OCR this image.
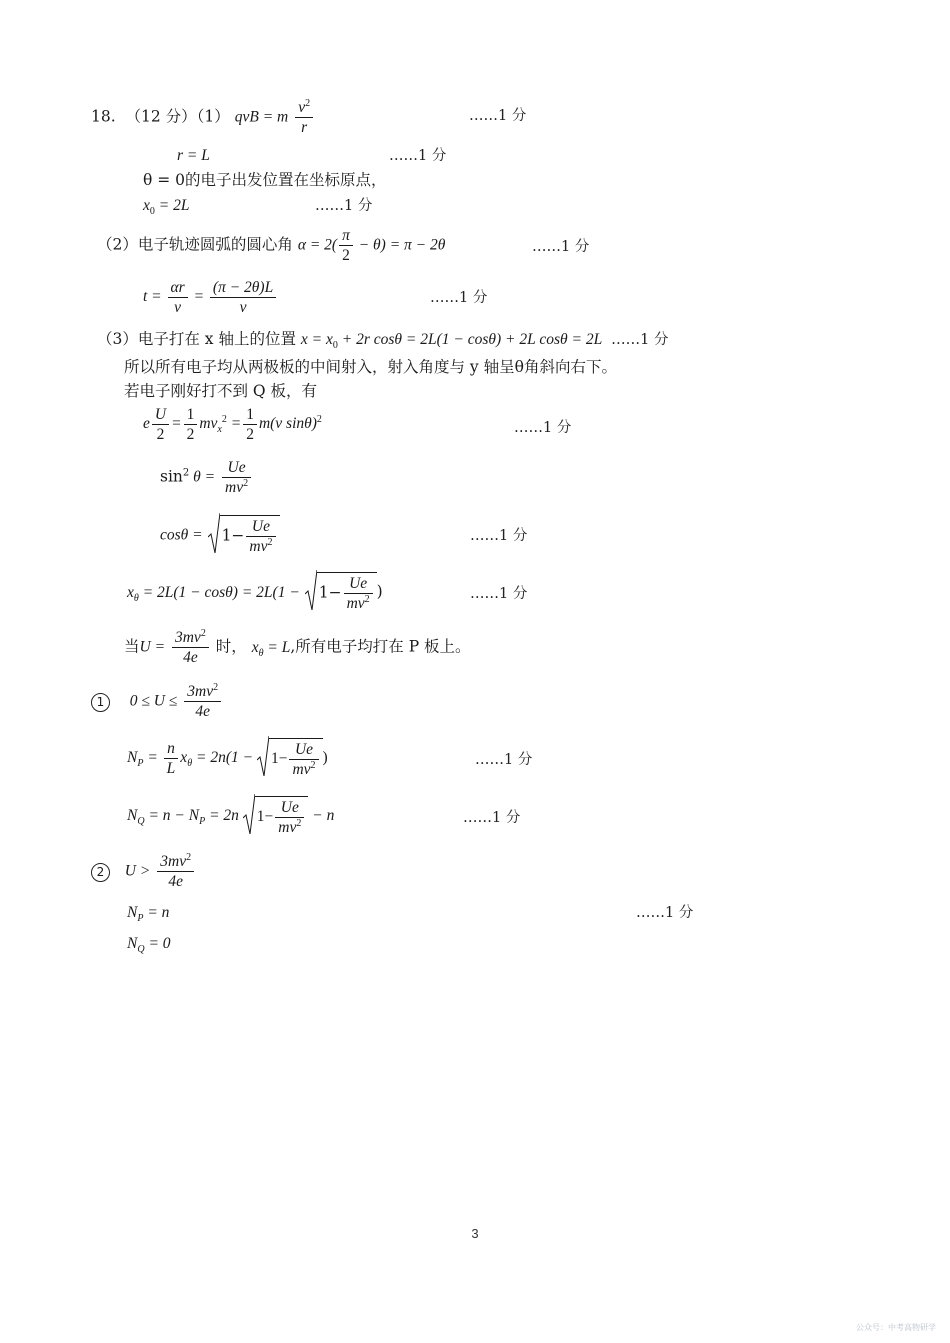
18. （12 分）（1） qvB = m $\frac{v^2}{r}$	……1 分
r = L	……1 分
θ = 0的电子出发位置在坐标原点，
$x_0 = 2L$	……1 分
（2）电子轨迹圆弧的圆心角 $\alpha = 2( \frac{\pi}{2} - \theta) = \pi - 2\theta$	……1 分
$t = \frac{\alpha r}{v} = \frac{(\pi - 2\theta)L}{v}$	……1 分
（3）电子打在 x 轴上的位置 $x = x_0 + 2r$ cosθ = 2L(1 − cosθ) + 2L cosθ = 2L ……1 分
所以所有电子均从两极板的中间射入，射入角度与 y 轴呈θ角斜向右下。
若电子刚好打不到 Q 板，有
e $\frac{U}{2} = \frac{1}{2} mv_x^2 = \frac{1}{2} m(v$ sinθ)$^2$
……1 分
$\sin^2 \theta = \frac{Ue}{mv^2}$
$\cos\theta = 1- \frac{Ue}{mv^2}$	……1 分
$x_\theta = 2L(1 - \cos\theta) = 2L(1 - 1- \frac{Ue}{mv^2}$ )	……1 分
当$U = \frac{3mv^2}{4e}$ 时， $x_\theta = L$,所有电子均打在 P 板上。
1 $0 \le U \le \frac{3mv^2}{4e}$
$N_P = \frac{n}{L} x_\theta = 2n(1 - 1- \frac{Ue}{mv^2}$ )	……1 分
$N_Q = n - N_P = 2n$ $1- \frac{Ue}{mv^2} - n$	……1 分
2 $U > \frac{3mv^2}{4e}$
$N_P = n$	……1 分
$N_Q = 0$
3
公众号：中考高物研学
